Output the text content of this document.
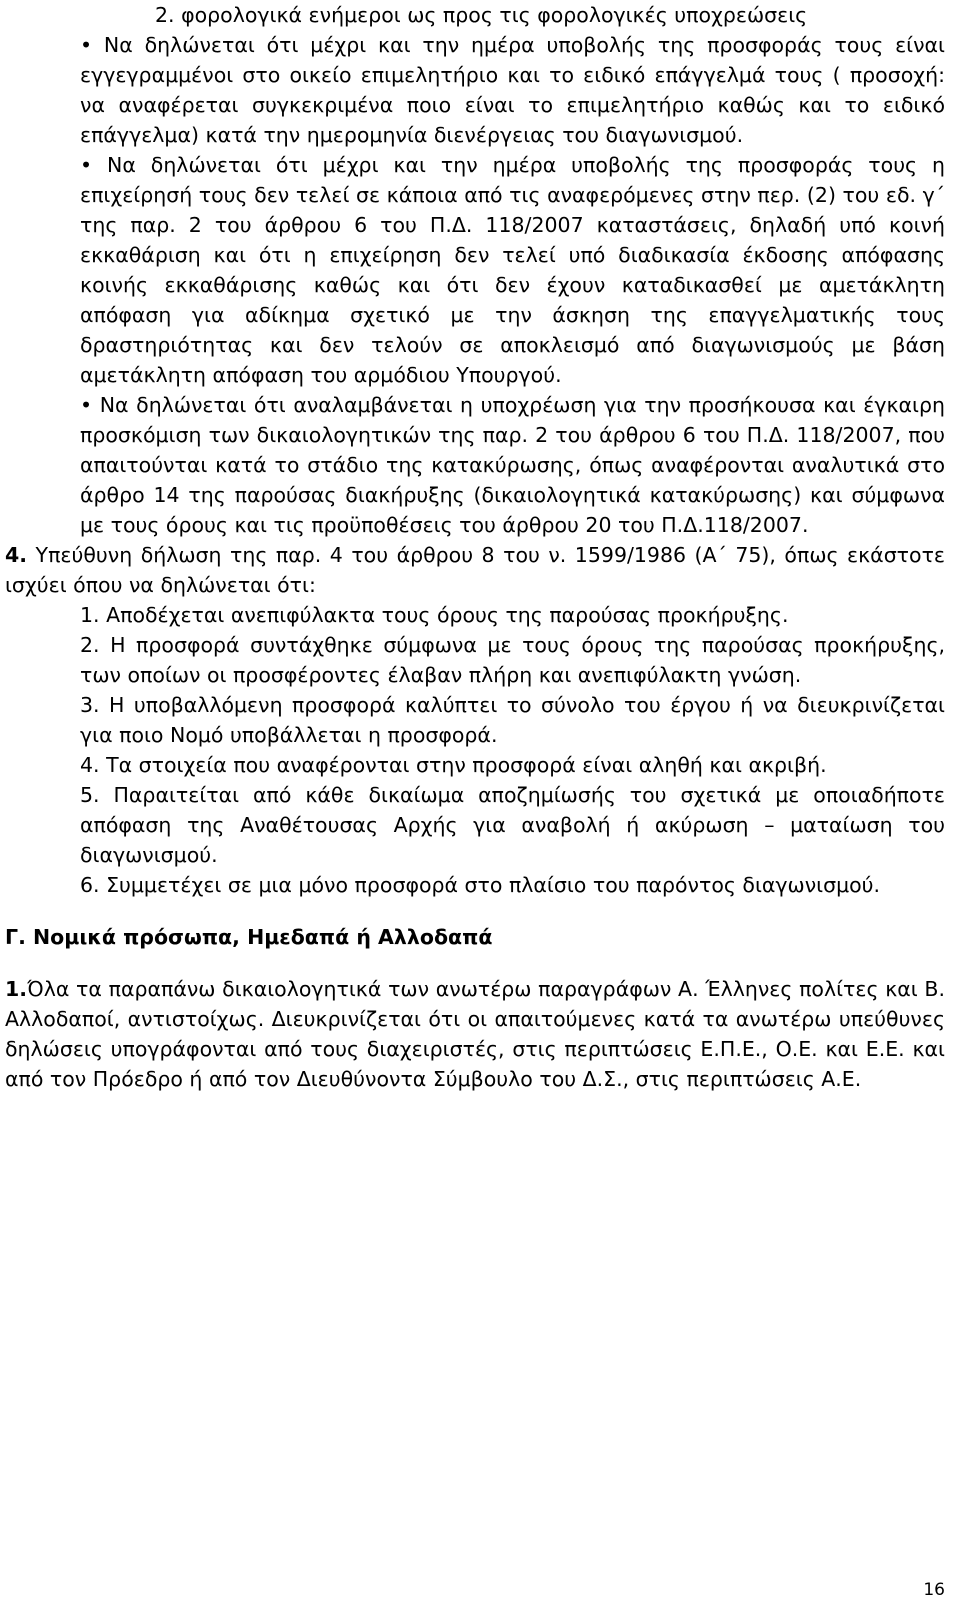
2. φορολογικά ενήμεροι ως προς τις φορολογικές υποχρεώσεις

• Να δηλώνεται ότι μέχρι και την ημέρα υποβολής της προσφοράς τους είναι εγγεγραμμένοι στο οικείο επιμελητήριο και το ειδικό επάγγελμά τους ( προσοχή: να αναφέρεται συγκεκριμένα ποιο είναι το επιμελητήριο καθώς και το ειδικό επάγγελμα) κατά την ημερομηνία διενέργειας του διαγωνισμού.

• Να δηλώνεται ότι μέχρι και την ημέρα υποβολής της προσφοράς τους η επιχείρησή τους δεν τελεί σε κάποια από τις αναφερόμενες στην περ. (2) του εδ. γ΄ της παρ. 2 του άρθρου 6 του Π.Δ. 118/2007 καταστάσεις, δηλαδή υπό κοινή εκκαθάριση και ότι η επιχείρηση δεν τελεί υπό διαδικασία έκδοσης απόφασης κοινής εκκαθάρισης καθώς και ότι δεν έχουν καταδικασθεί με αμετάκλητη απόφαση για αδίκημα σχετικό με την άσκηση της επαγγελματικής τους δραστηριότητας και δεν τελούν σε αποκλεισμό από διαγωνισμούς με βάση αμετάκλητη απόφαση του αρμόδιου Υπουργού.

• Να δηλώνεται ότι αναλαμβάνεται η υποχρέωση για την προσήκουσα και έγκαιρη προσκόμιση των δικαιολογητικών της παρ. 2 του άρθρου 6 του Π.Δ. 118/2007, που απαιτούνται κατά το στάδιο της κατακύρωσης, όπως αναφέρονται αναλυτικά στο άρθρο 14 της παρούσας διακήρυξης (δικαιολογητικά κατακύρωσης) και σύμφωνα με τους όρους και τις προϋποθέσεις του άρθρου 20 του Π.Δ.118/2007.

4. Υπεύθυνη δήλωση της παρ. 4 του άρθρου 8 του ν. 1599/1986 (Α΄ 75), όπως εκάστοτε ισχύει όπου να δηλώνεται ότι:

1. Αποδέχεται ανεπιφύλακτα τους όρους της παρούσας προκήρυξης.

2. Η προσφορά συντάχθηκε σύμφωνα με τους όρους της παρούσας προκήρυξης, των οποίων οι προσφέροντες έλαβαν πλήρη και ανεπιφύλακτη γνώση.

3. Η υποβαλλόμενη προσφορά καλύπτει το σύνολο του έργου ή να διευκρινίζεται για ποιο Νομό υποβάλλεται η προσφορά.

4. Τα στοιχεία που αναφέρονται στην προσφορά είναι αληθή και ακριβή.

5. Παραιτείται από κάθε δικαίωμα αποζημίωσής του σχετικά με οποιαδήποτε απόφαση της Αναθέτουσας Αρχής για αναβολή ή ακύρωση – ματαίωση του διαγωνισμού.

6. Συμμετέχει σε μια μόνο προσφορά στο πλαίσιο του παρόντος διαγωνισμού.

Γ. Νομικά πρόσωπα, Ημεδαπά ή Αλλοδαπά

1.Όλα τα παραπάνω δικαιολογητικά των ανωτέρω παραγράφων Α. Έλληνες πολίτες και Β. Αλλοδαποί, αντιστοίχως. Διευκρινίζεται ότι οι απαιτούμενες κατά τα ανωτέρω υπεύθυνες δηλώσεις υπογράφονται από τους διαχειριστές, στις περιπτώσεις Ε.Π.Ε., Ο.Ε. και Ε.Ε. και από τον Πρόεδρο ή από τον Διευθύνοντα Σύμβουλο του Δ.Σ., στις περιπτώσεις Α.Ε.

16
